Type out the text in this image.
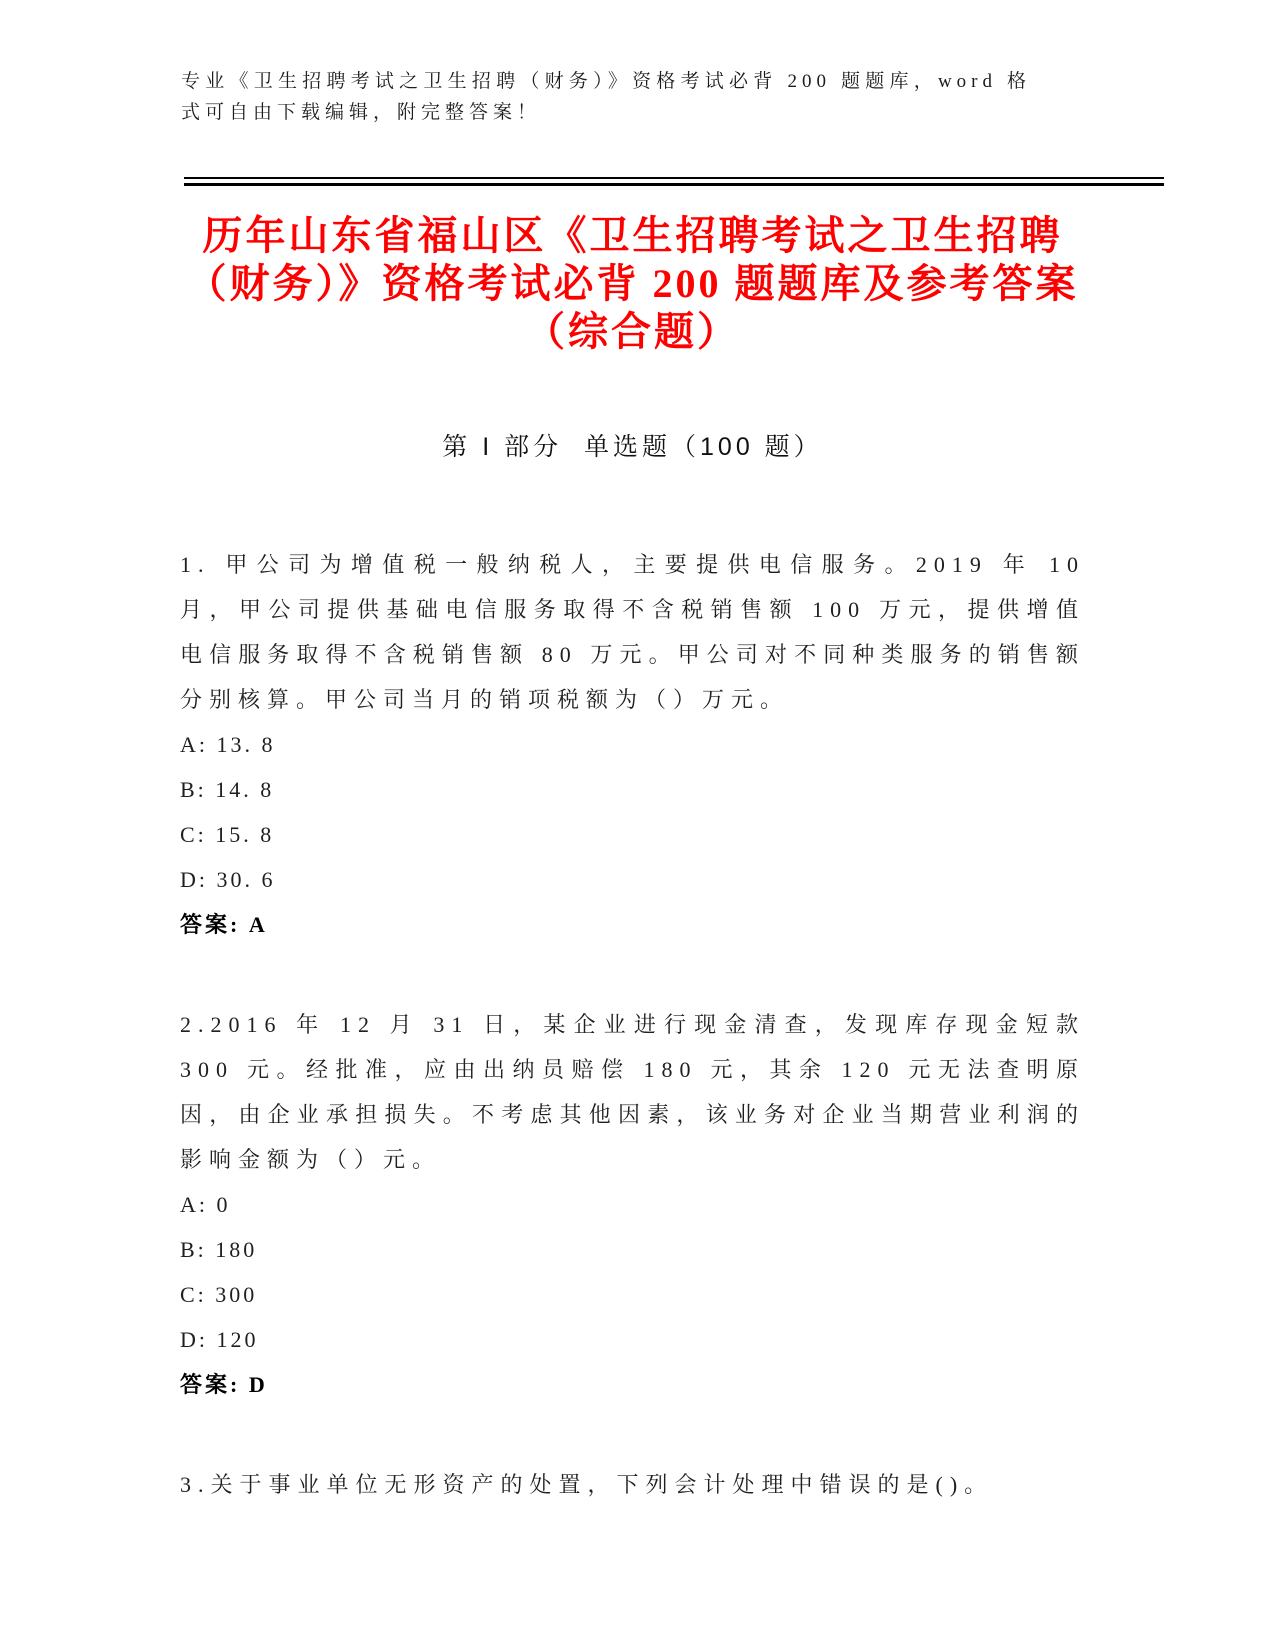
专业《卫生招聘考试之卫生招聘（财务）》资格考试必背 200 题题库，word 格式可自由下载编辑，附完整答案！
历年山东省福山区《卫生招聘考试之卫生招聘（财务）》资格考试必背 200 题题库及参考答案（综合题）
第 I 部分  单选题（100 题）
1. 甲公司为增值税一般纳税人，主要提供电信服务。2019 年 10 月，甲公司提供基础电信服务取得不含税销售额 100 万元，提供增值电信服务取得不含税销售额 80 万元。甲公司对不同种类服务的销售额分别核算。甲公司当月的销项税额为（）万元。
A: 13. 8
B: 14. 8
C: 15. 8
D: 30. 6
答案: A
2.2016 年 12 月 31 日，某企业进行现金清查，发现库存现金短款 300 元。经批准，应由出纳员赔偿 180 元，其余 120 元无法查明原因，由企业承担损失。不考虑其他因素，该业务对企业当期营业利润的影响金额为（）元。
A: 0
B: 180
C: 300
D: 120
答案: D
3.关于事业单位无形资产的处置，下列会计处理中错误的是()。
